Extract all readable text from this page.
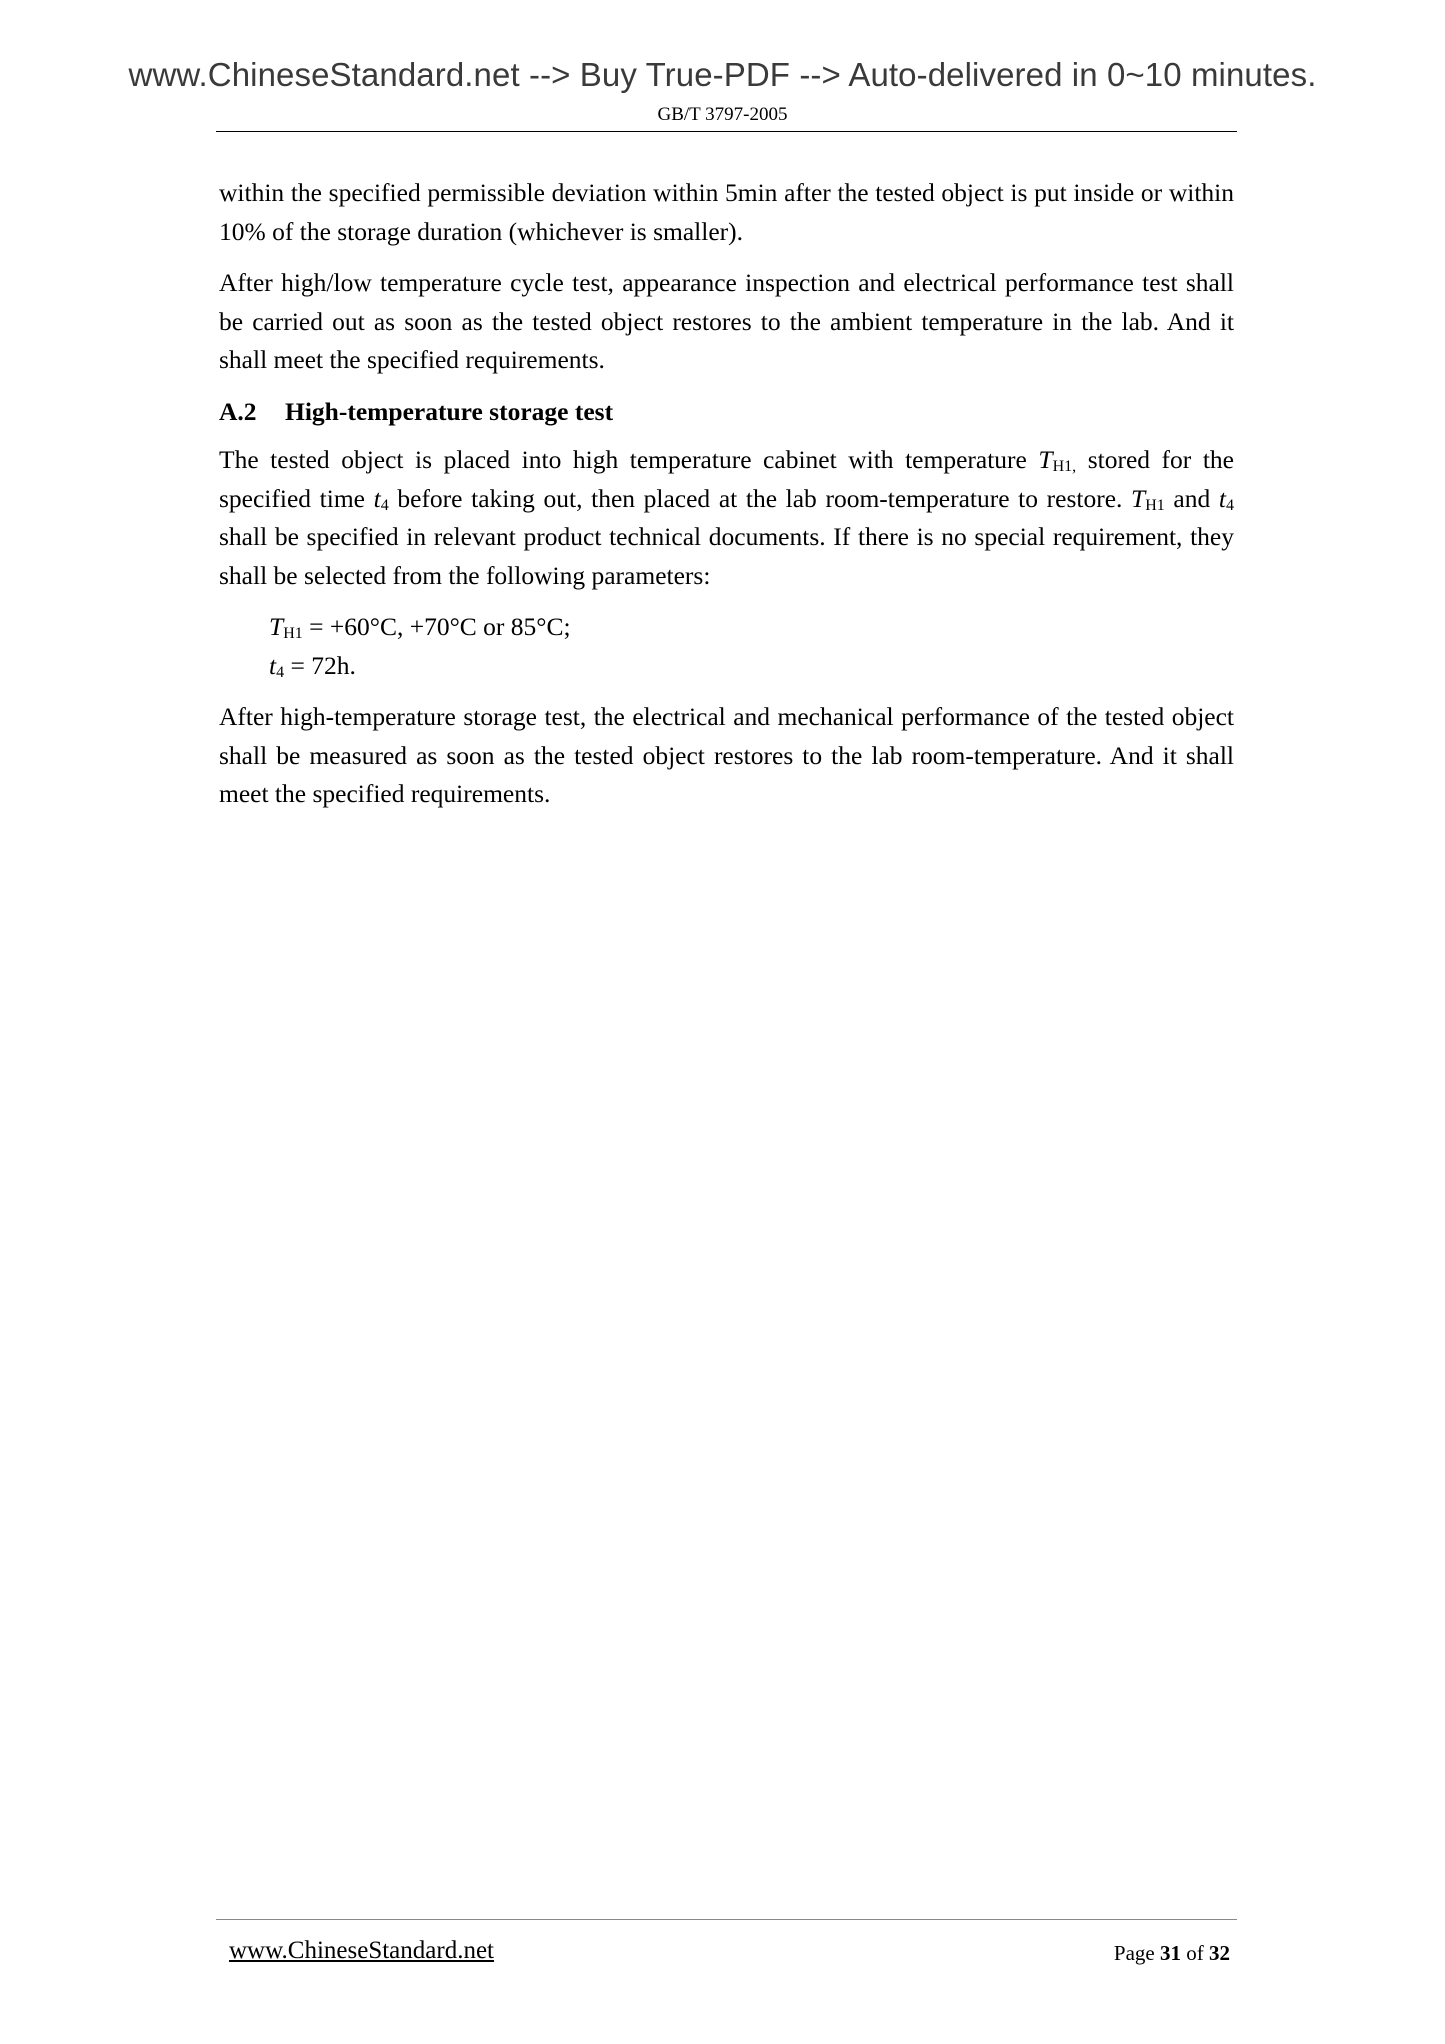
www.ChineseStandard.net --> Buy True-PDF --> Auto-delivered in 0~10 minutes.
GB/T 3797-2005

within the specified permissible deviation within 5min after the tested object is put inside or within 10% of the storage duration (whichever is smaller).

After high/low temperature cycle test, appearance inspection and electrical performance test shall be carried out as soon as the tested object restores to the ambient temperature in the lab. And it shall meet the specified requirements.

A.2 High-temperature storage test

The tested object is placed into high temperature cabinet with temperature $T_{H1,}$ stored for the specified time $t_4$ before taking out, then placed at the lab room-temperature to restore. $T_{H1}$ and $t_4$ shall be specified in relevant product technical documents. If there is no special requirement, they shall be selected from the following parameters:

$T_{H1} = +60^\circ C$, +70°C or 85°C;

$t_4 = 72h$.

After high-temperature storage test, the electrical and mechanical performance of the tested object shall be measured as soon as the tested object restores to the lab room-temperature. And it shall meet the specified requirements.

www.ChineseStandard.net	Page 31 of 32
